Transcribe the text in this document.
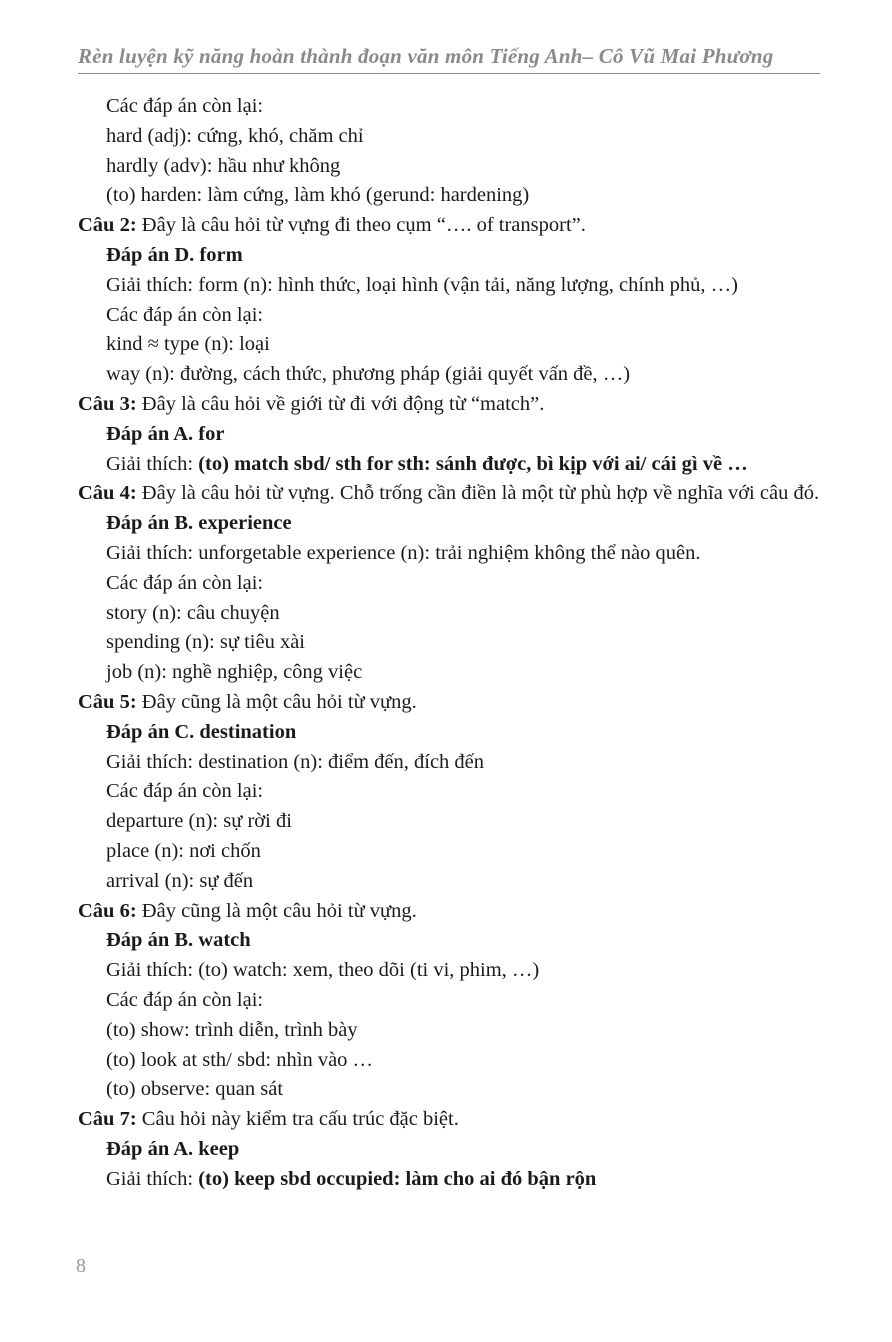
Rèn luyện kỹ năng hoàn thành đoạn văn môn Tiếng Anh– Cô Vũ Mai Phương
Các đáp án còn lại:
hard (adj): cứng, khó, chăm chỉ
hardly (adv): hầu như không
(to) harden: làm cứng, làm khó (gerund: hardening)
Câu 2: Đây là câu hỏi từ vựng đi theo cụm “…. of transport”.
Đáp án D. form
Giải thích: form (n): hình thức, loại hình (vận tải, năng lượng, chính phủ, …)
Các đáp án còn lại:
kind ≈ type (n): loại
way (n): đường, cách thức, phương pháp (giải quyết vấn đề, …)
Câu 3: Đây là câu hỏi về giới từ đi với động từ “match”.
Đáp án A. for
Giải thích: (to) match sbd/ sth for sth: sánh được, bì kịp với ai/ cái gì về …
Câu 4: Đây là câu hỏi từ vựng. Chỗ trống cần điền là một từ phù hợp về nghĩa với câu đó.
Đáp án B. experience
Giải thích: unforgetable experience (n): trải nghiệm không thể nào quên.
Các đáp án còn lại:
story (n): câu chuyện
spending (n): sự tiêu xài
job (n): nghề nghiệp, công việc
Câu 5: Đây cũng là một câu hỏi từ vựng.
Đáp án C. destination
Giải thích: destination (n): điểm đến, đích đến
Các đáp án còn lại:
departure (n): sự rời đi
place (n): nơi chốn
arrival (n): sự đến
Câu 6: Đây cũng là một câu hỏi từ vựng.
Đáp án B. watch
Giải thích: (to) watch: xem, theo dõi (ti vi, phim, …)
Các đáp án còn lại:
(to) show: trình diễn, trình bày
(to) look at sth/ sbd: nhìn vào …
(to) observe: quan sát
Câu 7: Câu hỏi này kiểm tra cấu trúc đặc biệt.
Đáp án A. keep
Giải thích: (to) keep sbd occupied: làm cho ai đó bận rộn
8
